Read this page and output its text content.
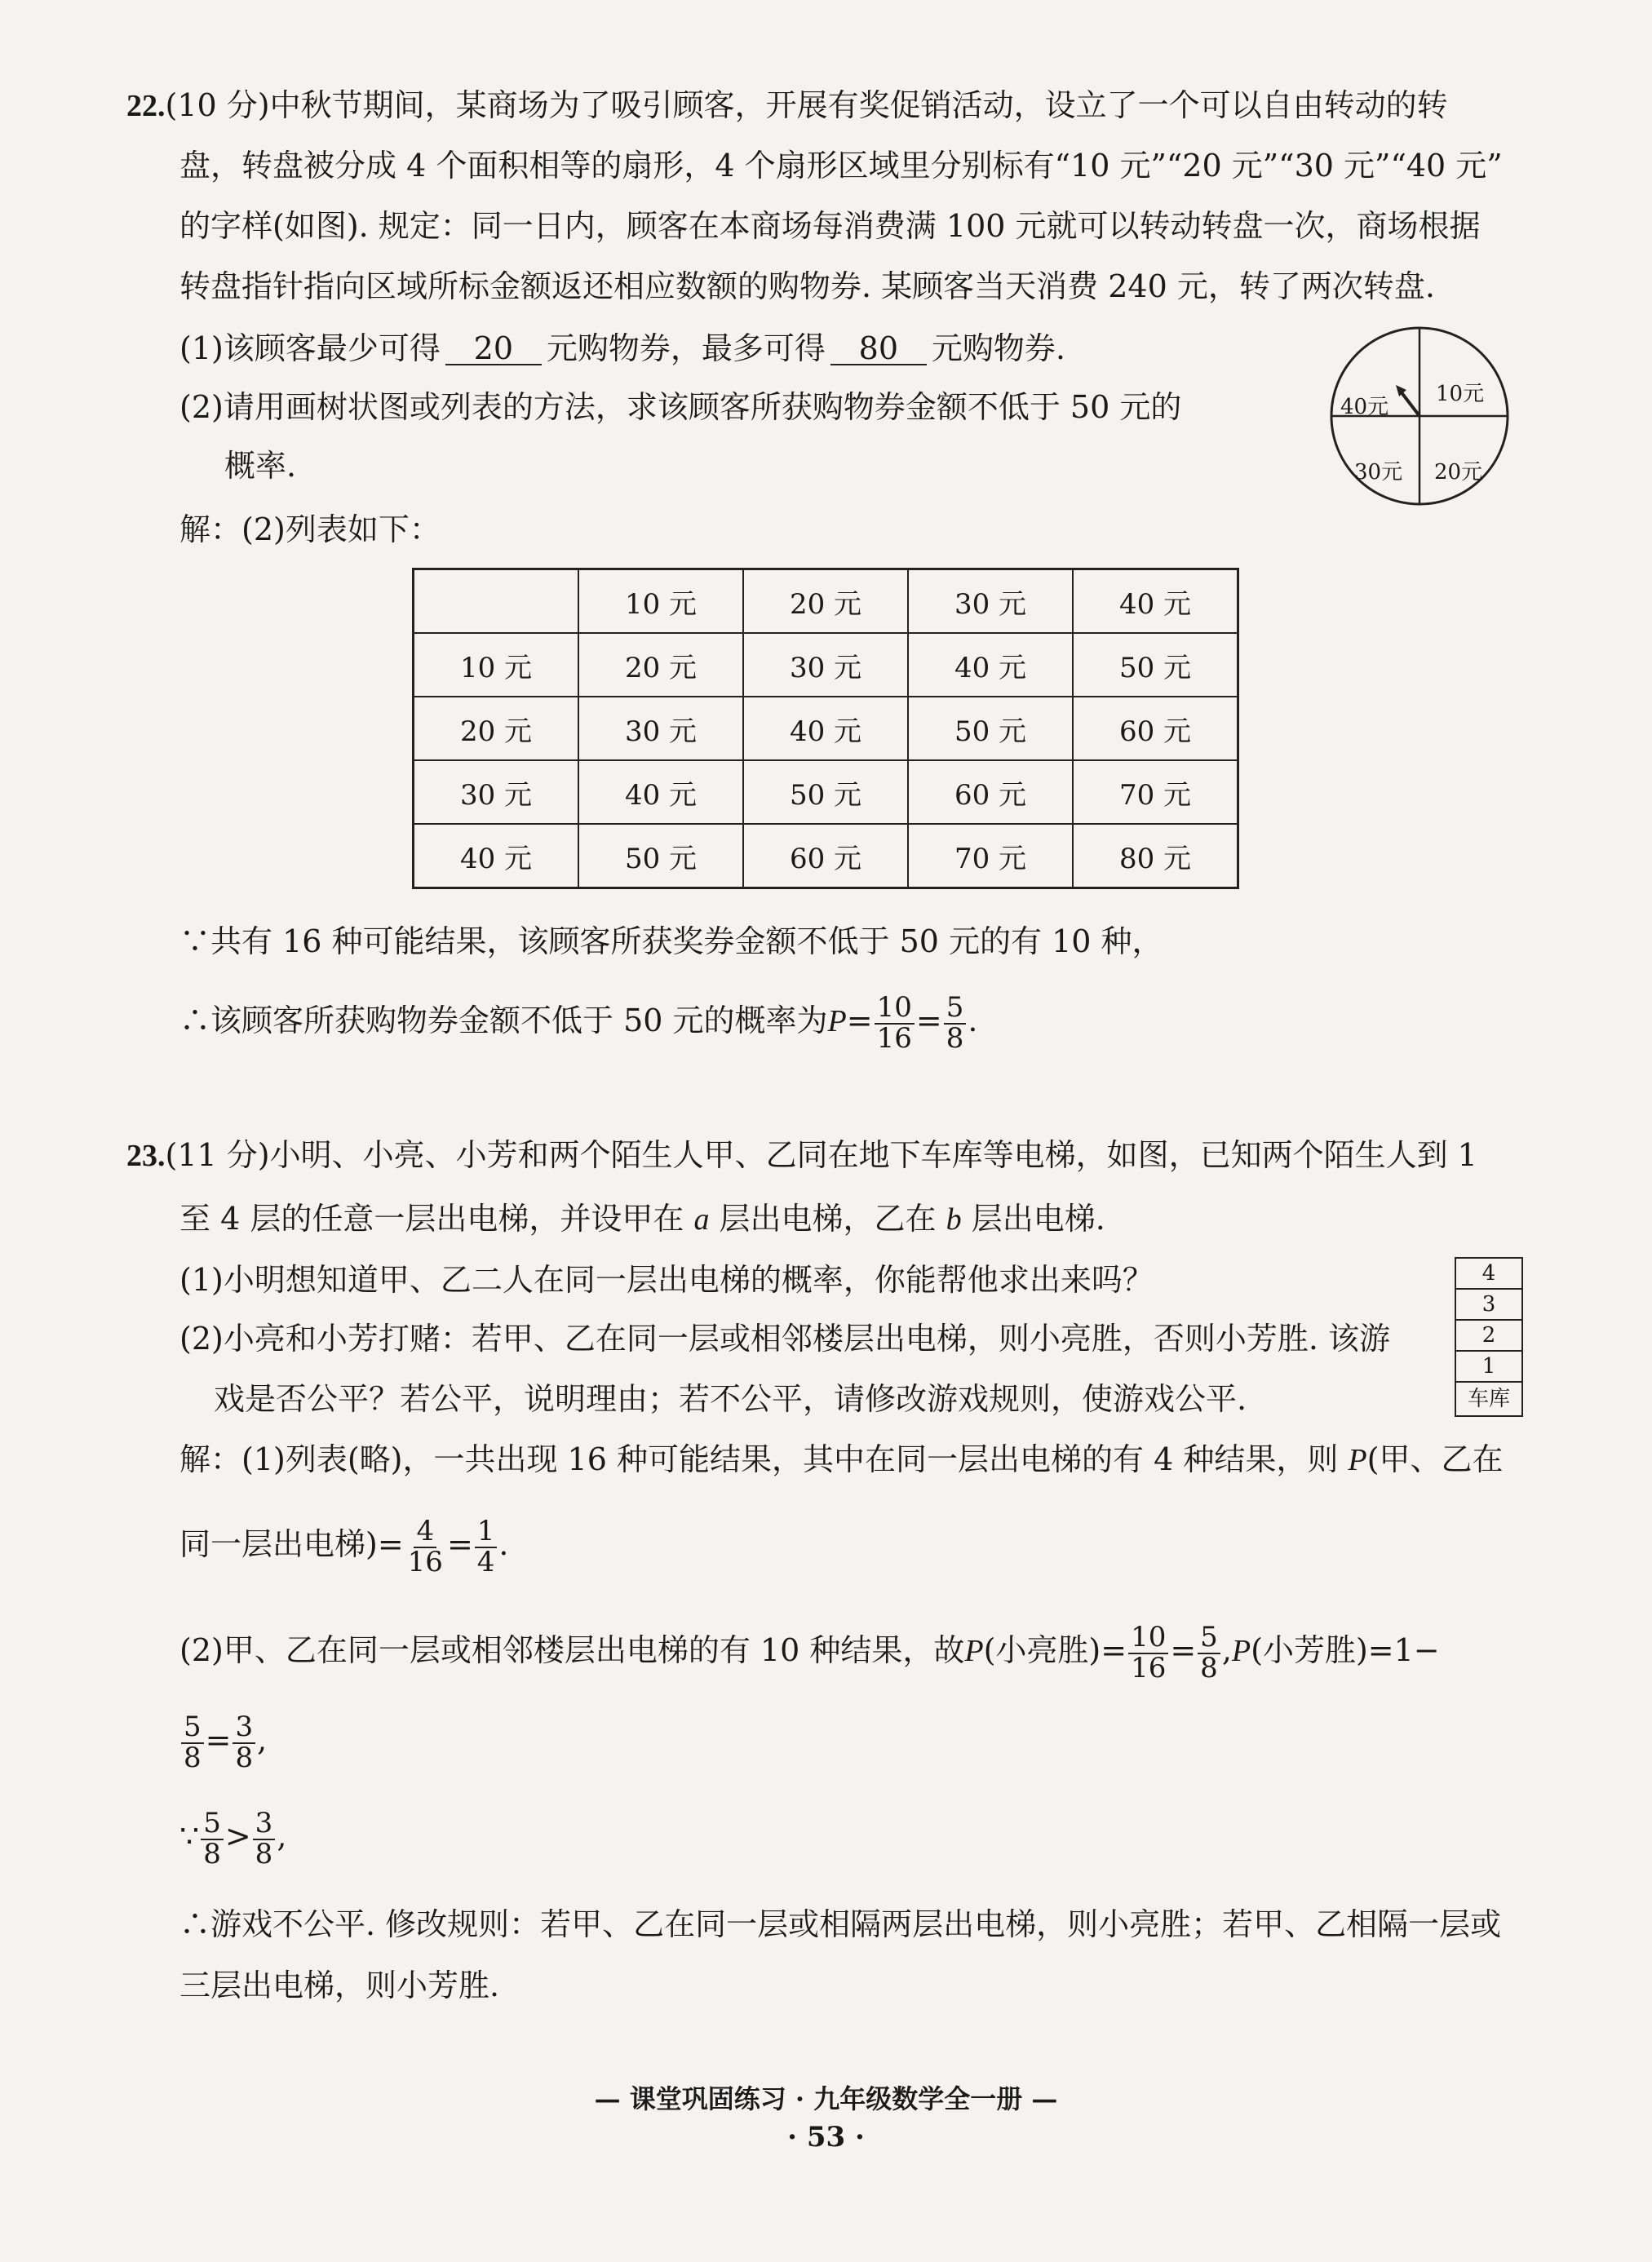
22.(10 分)中秋节期间，某商场为了吸引顾客，开展有奖促销活动，设立了一个可以自由转动的转
盘，转盘被分成 4 个面积相等的扇形，4 个扇形区域里分别标有“10 元”“20 元”“30 元”“40 元”
的字样(如图). 规定：同一日内，顾客在本商场每消费满 100 元就可以转动转盘一次，商场根据
转盘指针指向区域所标金额返还相应数额的购物券. 某顾客当天消费 240 元，转了两次转盘.
(1)该顾客最少可得 20 元购物券，最多可得 80 元购物券.
(2)请用画树状图或列表的方法，求该顾客所获购物券金额不低于 50 元的
概率.
10元
20元
30元
40元
解：(2)列表如下：
	10 元	20 元	30 元	40 元
10 元	20 元	30 元	40 元	50 元
20 元	30 元	40 元	50 元	60 元
30 元	40 元	50 元	60 元	70 元
40 元	50 元	60 元	70 元	80 元
∵共有 16 种可能结果，该顾客所获奖券金额不低于 50 元的有 10 种，
∴该顾客所获购物券金额不低于 50 元的概率为$P= \frac{10}{16} = \frac{5}{8}$ .
23.(11 分)小明、小亮、小芳和两个陌生人甲、乙同在地下车库等电梯，如图，已知两个陌生人到 1
至 4 层的任意一层出电梯，并设甲在 a 层出电梯，乙在 b 层出电梯.
(1)小明想知道甲、乙二人在同一层出电梯的概率，你能帮他求出来吗？
(2)小亮和小芳打赌：若甲、乙在同一层或相邻楼层出电梯，则小亮胜，否则小芳胜. 该游
戏是否公平？若公平，说明理由；若不公平，请修改游戏规则，使游戏公平.
4
3
2
1
车库
解：(1)列表(略)，一共出现 16 种可能结果，其中在同一层出电梯的有 4 种结果，则 P(甲、乙在
同一层出电梯)= $\frac{4}{16} = \frac{1}{4}$ .
(2)甲、乙在同一层或相邻楼层出电梯的有 10 种结果，故P(小亮胜)= $\frac{10}{16} = \frac{5}{8} ,P$(小芳胜)=1−
$\frac{5}{8} = \frac{3}{8}$ ,
∵ $\frac{5}{8} > \frac{3}{8}$ ,
∴游戏不公平. 修改规则：若甲、乙在同一层或相隔两层出电梯，则小亮胜；若甲、乙相隔一层或
三层出电梯，则小芳胜.
— 课堂巩固练习 · 九年级数学全一册 —
· 53 ·
